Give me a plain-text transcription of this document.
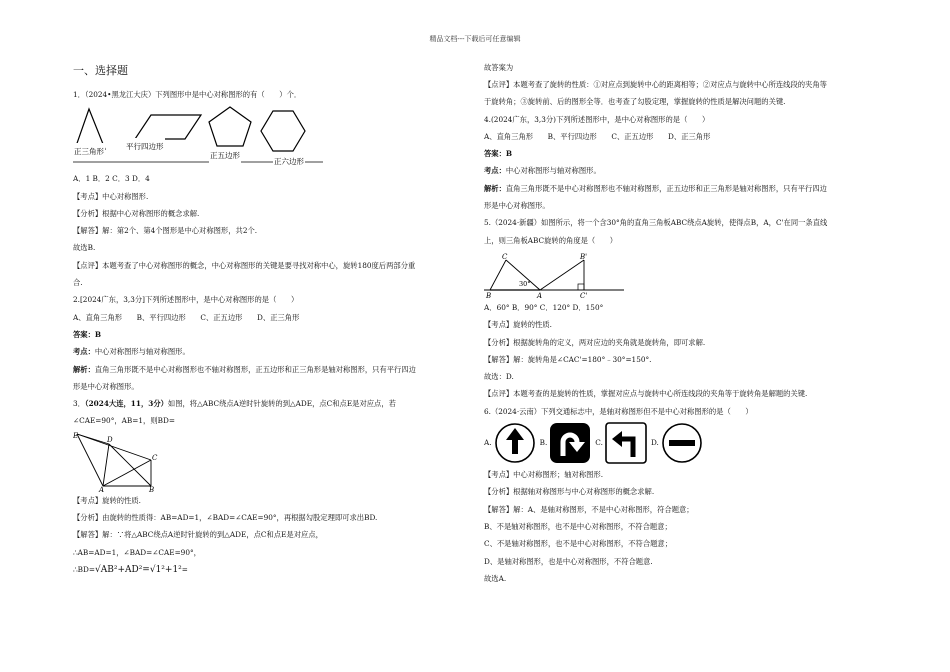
精品文档---下载后可任意编辑

一、选择题

1．（2024•黑龙江大庆）下列图形中是中心对称图形的有（　　）个．

正三角形
平行四边形
正五边形
正六边形

A．1 B．2 C．3 D．4

【考点】中心对称图形.

【分析】根据中心对称图形的概念求解.

【解答】解：第2个、第4个图形是中心对称图形，共2个.

故选B.

【点评】本题考查了中心对称图形的概念，中心对称图形的关键是要寻找对称中心，旋转180度后两部分重

合.

2.[2024广东，3,3分]下列所述图形中，是中心对称图形的是（　　）

A、直角三角形　　B、平行四边形　　C、正五边形　　D、正三角形

答案：B

考点：中心对称图形与轴对称图形。

解析：直角三角形既不是中心对称图形也不轴对称图形，正五边形和正三角形是轴对称图形，只有平行四边

形是中心对称图形。

3．（2024大连，11，3分）如图，将△ABC绕点A逆时针旋转的到△ADE，点C和点E是对应点，若

∠CAE=90°，AB=1，则BD=

E	D
C
A	B

【考点】旋转的性质.

【分析】由旋转的性质得：AB=AD=1，∠BAD=∠CAE=90°，再根据勾股定理即可求出BD.

【解答】解：∵将△ABC绕点A逆时针旋转的到△ADE，点C和点E是对应点，

∴AB=AD=1，∠BAD=∠CAE=90°，

∴BD=√AB²+AD²=√1²+1²=

故答案为

【点评】本题考查了旋转的性质：①对应点到旋转中心的距离相等；②对应点与旋转中心所连线段的夹角等

于旋转角；③旋转前、后的图形全等．也考查了勾股定理，掌握旋转的性质是解决问题的关键.

4.(2024广东，3,3分)下列所述图形中，是中心对称图形的是（　　）

A、直角三角形　　B、平行四边形　　C、正五边形　　D、正三角形

答案：B

考点：中心对称图形与轴对称图形。

解析：直角三角形既不是中心对称图形也不轴对称图形，正五边形和正三角形是轴对称图形，只有平行四边

形是中心对称图形。

5.（2024·新疆）如图所示，将一个含30°角的直角三角板ABC绕点A旋转，使得点B，A，C'在同一条直线

上，则三角板ABC旋转的角度是（　　）

C	B'
30°
B	A	C'

A．60° B．90° C．120° D．150°

【考点】旋转的性质.

【分析】根据旋转角的定义，两对应边的夹角就是旋转角，即可求解.

【解答】解：旋转角是∠CAC'=180°﹣30°=150°.

故选：D.

【点评】本题考查的是旋转的性质，掌握对应点与旋转中心所连线段的夹角等于旋转角是解题的关键.

6.（2024·云南）下列交通标志中，是轴对称图形但不是中心对称图形的是（　　）

A.	B.	C.	D.

【考点】中心对称图形；轴对称图形.

【分析】根据轴对称图形与中心对称图形的概念求解.

【解答】解：A、是轴对称图形，不是中心对称图形，符合题意；

B、不是轴对称图形，也不是中心对称图形，不符合题意；

C、不是轴对称图形，也不是中心对称图形，不符合题意；

D、是轴对称图形，也是中心对称图形，不符合题意.

故选A.
